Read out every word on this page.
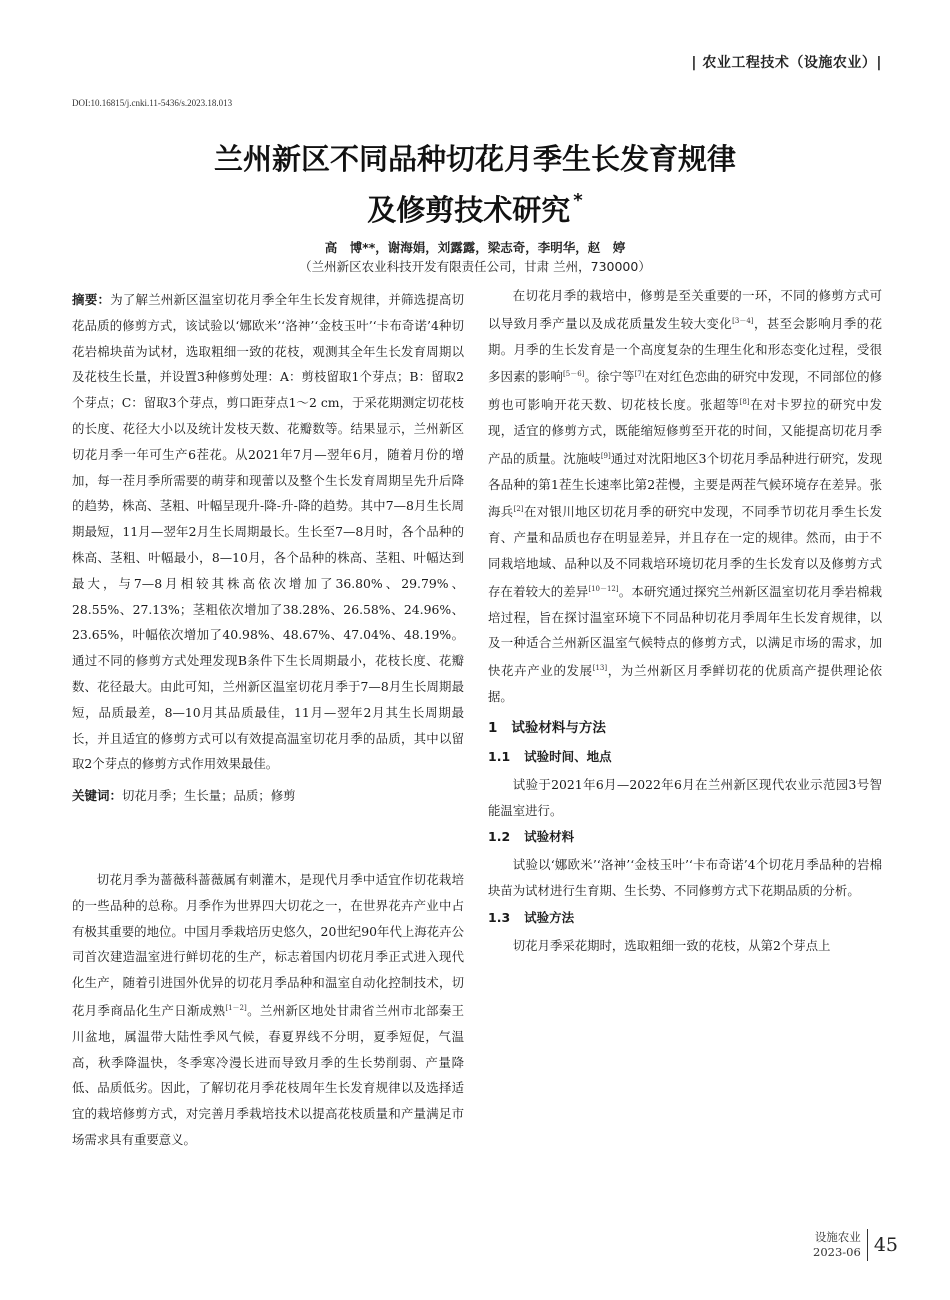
| 农业工程技术（设施农业）|
DOI:10.16815/j.cnki.11-5436/s.2023.18.013
兰州新区不同品种切花月季生长发育规律
及修剪技术研究 *
高　博**，谢海娟，刘露露，梁志奇，李明华，赵　婷
（兰州新区农业科技开发有限责任公司，甘肃 兰州，730000）

摘要：为了解兰州新区温室切花月季全年生长发育规律，并筛选提高切花品质的修剪方式，该试验以‘娜欧米’‘洛神’‘金枝玉叶’‘卡布奇诺’4种切花岩棉块苗为试材，选取粗细一致的花枝，观测其全年生长发育周期以及花枝生长量，并设置3种修剪处理：A：剪枝留取1个芽点；B：留取2个芽点；C：留取3个芽点，剪口距芽点1～2 cm，于采花期测定切花枝的长度、花径大小以及统计发枝天数、花瓣数等。结果显示，兰州新区切花月季一年可生产6茬花。从2021年7月—翌年6月，随着月份的增加，每一茬月季所需要的萌芽和现蕾以及整个生长发育周期呈先升后降的趋势，株高、茎粗、叶幅呈现升-降-升-降的趋势。其中7—8月生长周期最短，11月—翌年2月生长周期最长。生长至7—8月时，各个品种的株高、茎粗、叶幅最小，8—10月，各个品种的株高、茎粗、叶幅达到最大，与7—8月相较其株高依次增加了36.80%、29.79%、28.55%、27.13%；茎粗依次增加了38.28%、26.58%、24.96%、23.65%，叶幅依次增加了40.98%、48.67%、47.04%、48.19%。通过不同的修剪方式处理发现B条件下生长周期最小，花枝长度、花瓣数、花径最大。由此可知，兰州新区温室切花月季于7—8月生长周期最短，品质最差，8—10月其品质最佳，11月—翌年2月其生长周期最长，并且适宜的修剪方式可以有效提高温室切花月季的品质，其中以留取2个芽点的修剪方式作用效果最佳。

关键词：切花月季；生长量；品质；修剪

切花月季为蔷薇科蔷薇属有刺灌木，是现代月季中适宜作切花栽培的一些品种的总称。月季作为世界四大切花之一，在世界花卉产业中占有极其重要的地位。中国月季栽培历史悠久，20世纪90年代上海花卉公司首次建造温室进行鲜切花的生产，标志着国内切花月季正式进入现代化生产，随着引进国外优异的切花月季品种和温室自动化控制技术，切花月季商品化生产日渐成熟[1－2]。兰州新区地处甘肃省兰州市北部秦王川盆地，属温带大陆性季风气候，春夏界线不分明，夏季短促，气温高，秋季降温快，冬季寒冷漫长进而导致月季的生长势削弱、产量降低、品质低劣。因此，了解切花月季花枝周年生长发育规律以及选择适宜的栽培修剪方式，对完善月季栽培技术以提高花枝质量和产量满足市场需求具有重要意义。

在切花月季的栽培中，修剪是至关重要的一环，不同的修剪方式可以导致月季产量以及成花质量发生较大变化[3－4]，甚至会影响月季的花期。月季的生长发育是一个高度复杂的生理生化和形态变化过程，受很多因素的影响[5－6]。徐宁等[7]在对红色恋曲的研究中发现，不同部位的修剪也可影响开花天数、切花枝长度。张超等[8]在对卡罗拉的研究中发现，适宜的修剪方式，既能缩短修剪至开花的时间，又能提高切花月季产品的质量。沈施岐[9]通过对沈阳地区3个切花月季品种进行研究，发现各品种的第1茬生长速率比第2茬慢，主要是两茬气候环境存在差异。张海兵[2]在对银川地区切花月季的研究中发现，不同季节切花月季生长发育、产量和品质也存在明显差异，并且存在一定的规律。然而，由于不同栽培地域、品种以及不同栽培环境切花月季的生长发育以及修剪方式存在着较大的差异[10－12]。本研究通过探究兰州新区温室切花月季岩棉栽培过程，旨在探讨温室环境下不同品种切花月季周年生长发育规律，以及一种适合兰州新区温室气候特点的修剪方式，以满足市场的需求，加快花卉产业的发展[13]，为兰州新区月季鲜切花的优质高产提供理论依据。

1 试验材料与方法
1.1 试验时间、地点

试验于2021年6月—2022年6月在兰州新区现代农业示范园3号智能温室进行。

1.2 试验材料

试验以‘娜欧米’‘洛神’‘金枝玉叶’‘卡布奇诺’4个切花月季品种的岩棉块苗为试材进行生育期、生长势、不同修剪方式下花期品质的分析。

1.3 试验方法

切花月季采花期时，选取粗细一致的花枝，从第2个芽点上

设施农业
2023-06 45
